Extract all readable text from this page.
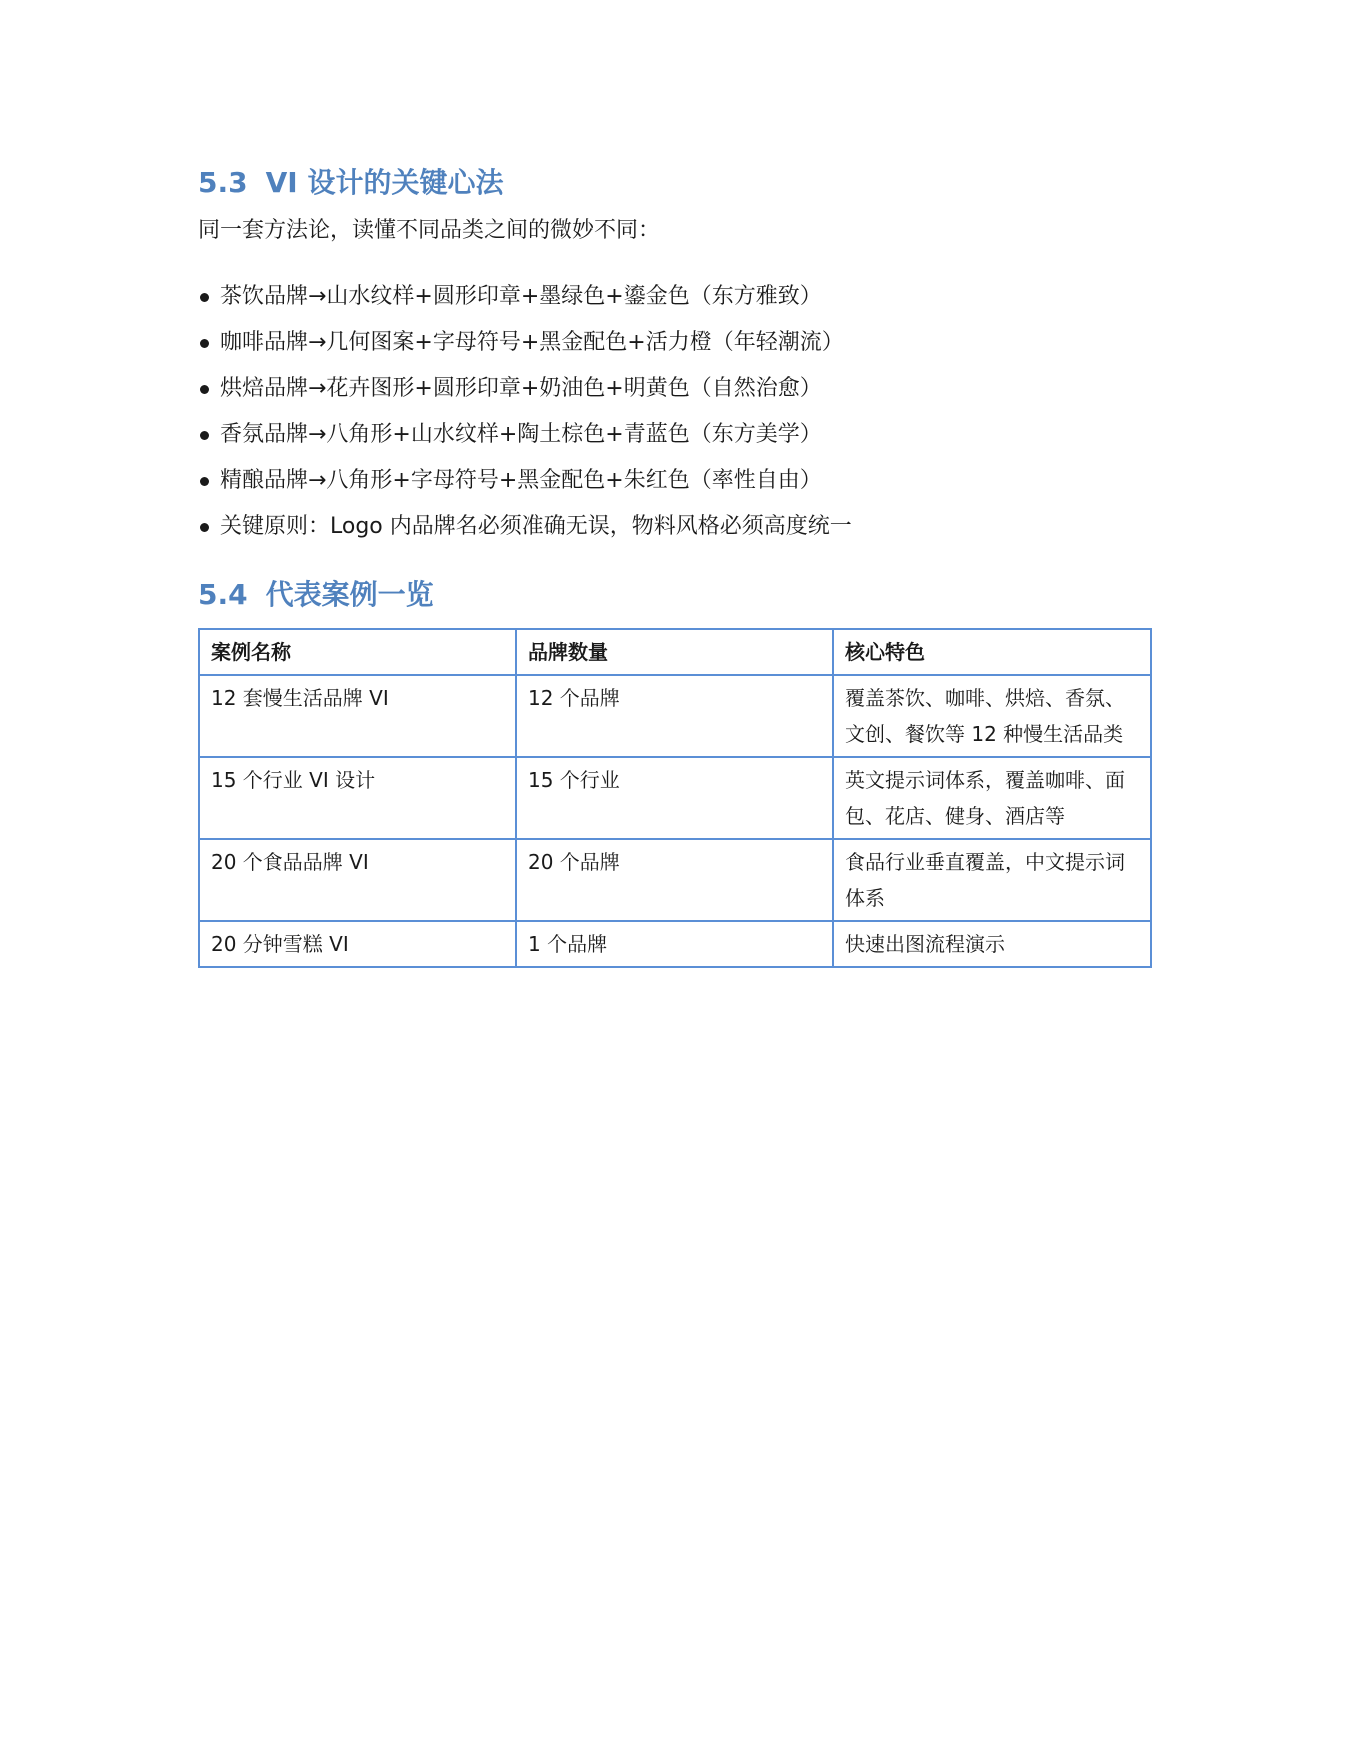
5.3 VI 设计的关键心法

同一套方法论，读懂不同品类之间的微妙不同：

茶饮品牌→山水纹样+圆形印章+墨绿色+鎏金色（东方雅致）
咖啡品牌→几何图案+字母符号+黑金配色+活力橙（年轻潮流）
烘焙品牌→花卉图形+圆形印章+奶油色+明黄色（自然治愈）
香氛品牌→八角形+山水纹样+陶土棕色+青蓝色（东方美学）
精酿品牌→八角形+字母符号+黑金配色+朱红色（率性自由）
关键原则：Logo 内品牌名必须准确无误，物料风格必须高度统一
5.4 代表案例一览
案例名称	品牌数量	核心特色
12 套慢生活品牌 VI	12 个品牌	覆盖茶饮、咖啡、烘焙、香氛、文创、餐饮等 12 种慢生活品类
15 个行业 VI 设计	15 个行业	英文提示词体系，覆盖咖啡、面包、花店、健身、酒店等
20 个食品品牌 VI	20 个品牌	食品行业垂直覆盖，中文提示词体系
20 分钟雪糕 VI	1 个品牌	快速出图流程演示
